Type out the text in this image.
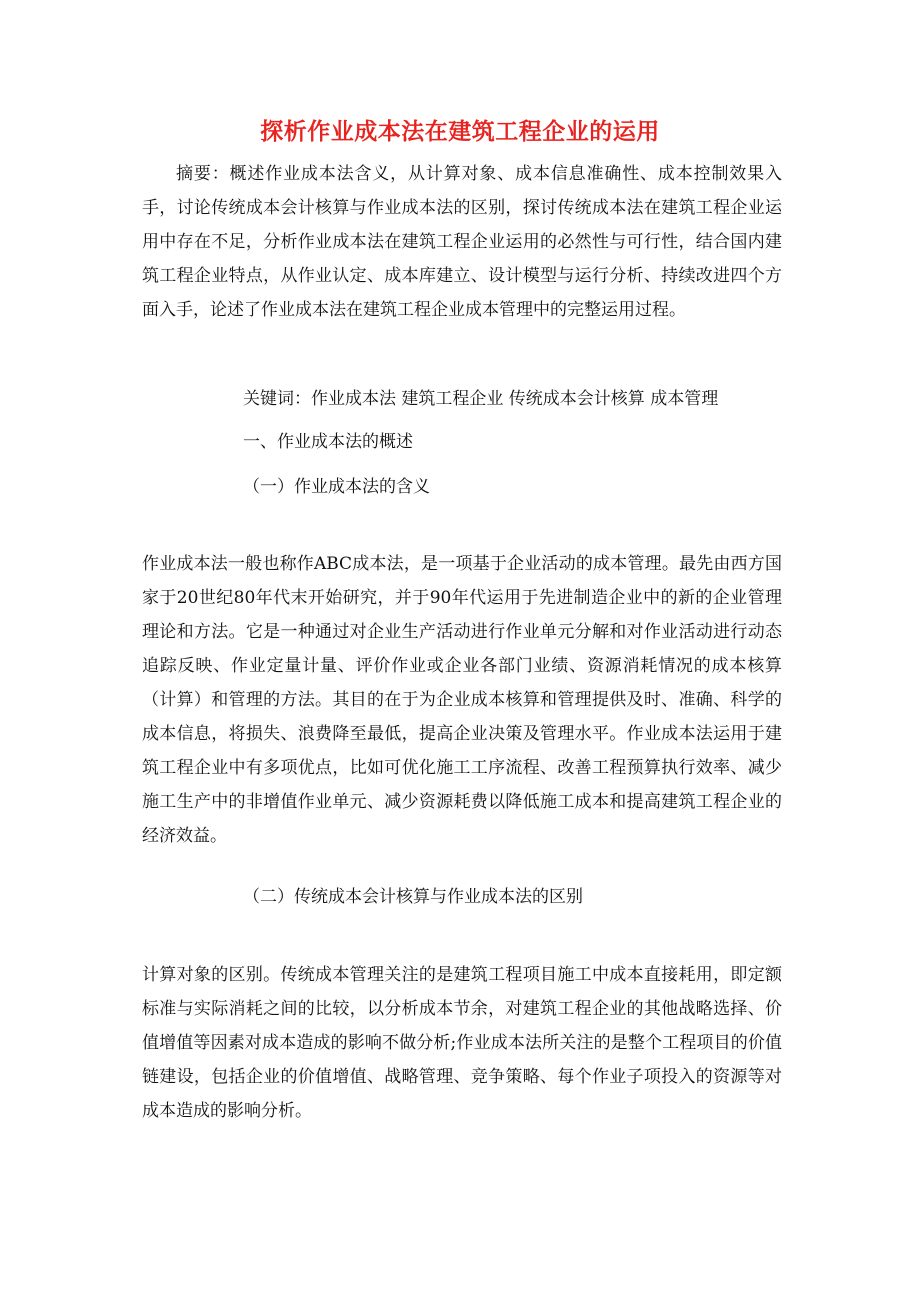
探析作业成本法在建筑工程企业的运用
摘要：概述作业成本法含义，从计算对象、成本信息准确性、成本控制效果入手，讨论传统成本会计核算与作业成本法的区别，探讨传统成本法在建筑工程企业运用中存在不足，分析作业成本法在建筑工程企业运用的必然性与可行性，结合国内建筑工程企业特点，从作业认定、成本库建立、设计模型与运行分析、持续改进四个方面入手，论述了作业成本法在建筑工程企业成本管理中的完整运用过程。
关键词：作业成本法 建筑工程企业 传统成本会计核算 成本管理
一、作业成本法的概述
（一）作业成本法的含义
作业成本法一般也称作ABC成本法，是一项基于企业活动的成本管理。最先由西方国家于20世纪80年代末开始研究，并于90年代运用于先进制造企业中的新的企业管理理论和方法。它是一种通过对企业生产活动进行作业单元分解和对作业活动进行动态追踪反映、作业定量计量、评价作业或企业各部门业绩、资源消耗情况的成本核算（计算）和管理的方法。其目的在于为企业成本核算和管理提供及时、准确、科学的成本信息，将损失、浪费降至最低，提高企业决策及管理水平。作业成本法运用于建筑工程企业中有多项优点，比如可优化施工工序流程、改善工程预算执行效率、减少施工生产中的非增值作业单元、减少资源耗费以降低施工成本和提高建筑工程企业的经济效益。
（二）传统成本会计核算与作业成本法的区别
计算对象的区别。传统成本管理关注的是建筑工程项目施工中成本直接耗用，即定额标准与实际消耗之间的比较，以分析成本节余，对建筑工程企业的其他战略选择、价值增值等因素对成本造成的影响不做分析;作业成本法所关注的是整个工程项目的价值链建设，包括企业的价值增值、战略管理、竞争策略、每个作业子项投入的资源等对成本造成的影响分析。
